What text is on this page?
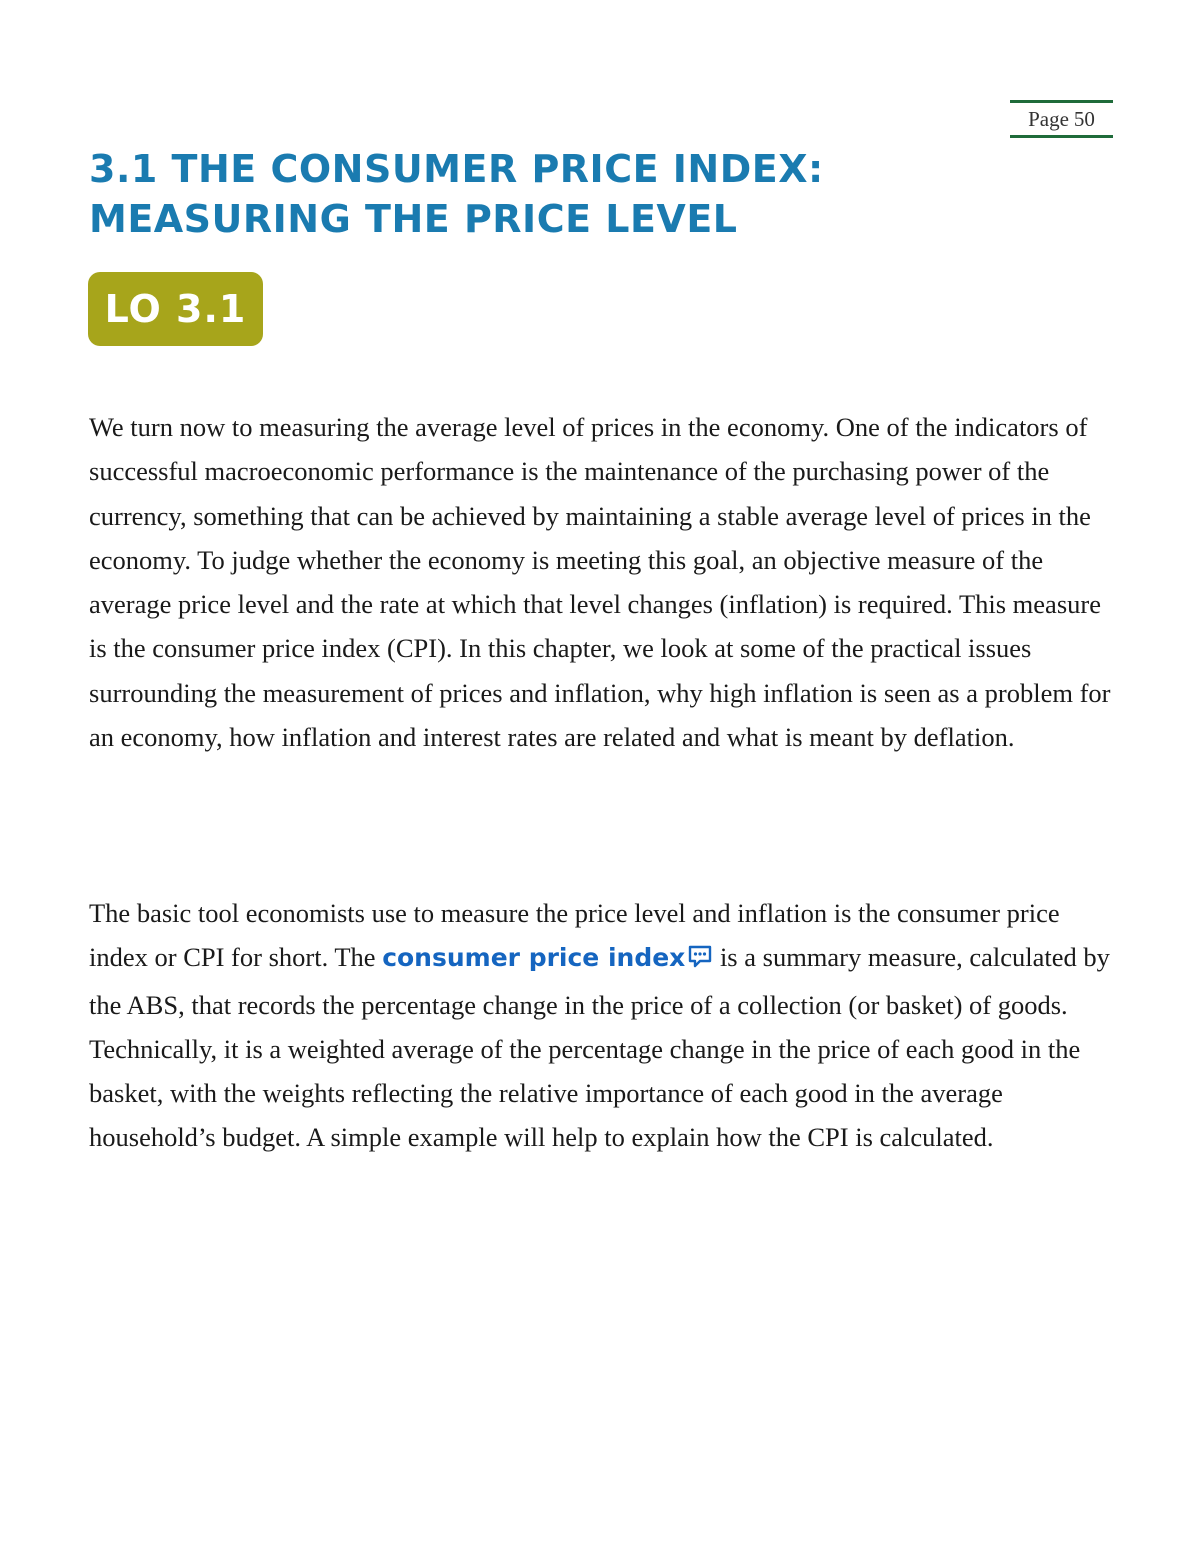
Page 50
3.1 THE CONSUMER PRICE INDEX:
MEASURING THE PRICE LEVEL
LO 3.1

We turn now to measuring the average level of prices in the economy. One of the indicators of successful macroeconomic performance is the maintenance of the purchasing power of the currency, something that can be achieved by maintaining a stable average level of prices in the economy. To judge whether the economy is meeting this goal, an objective measure of the average price level and the rate at which that level changes (inflation) is required. This measure is the consumer price index (CPI). In this chapter, we look at some of the practical issues surrounding the measurement of prices and inflation, why high inflation is seen as a problem for an economy, how inflation and interest rates are related and what is meant by deflation.

The basic tool economists use to measure the price level and inflation is the consumer price index or CPI for short. The consumer price index is a summary measure, calculated by the ABS, that records the percentage change in the price of a collection (or basket) of goods. Technically, it is a weighted average of the percentage change in the price of each good in the basket, with the weights reflecting the relative importance of each good in the average household’s budget. A simple example will help to explain how the CPI is calculated.
